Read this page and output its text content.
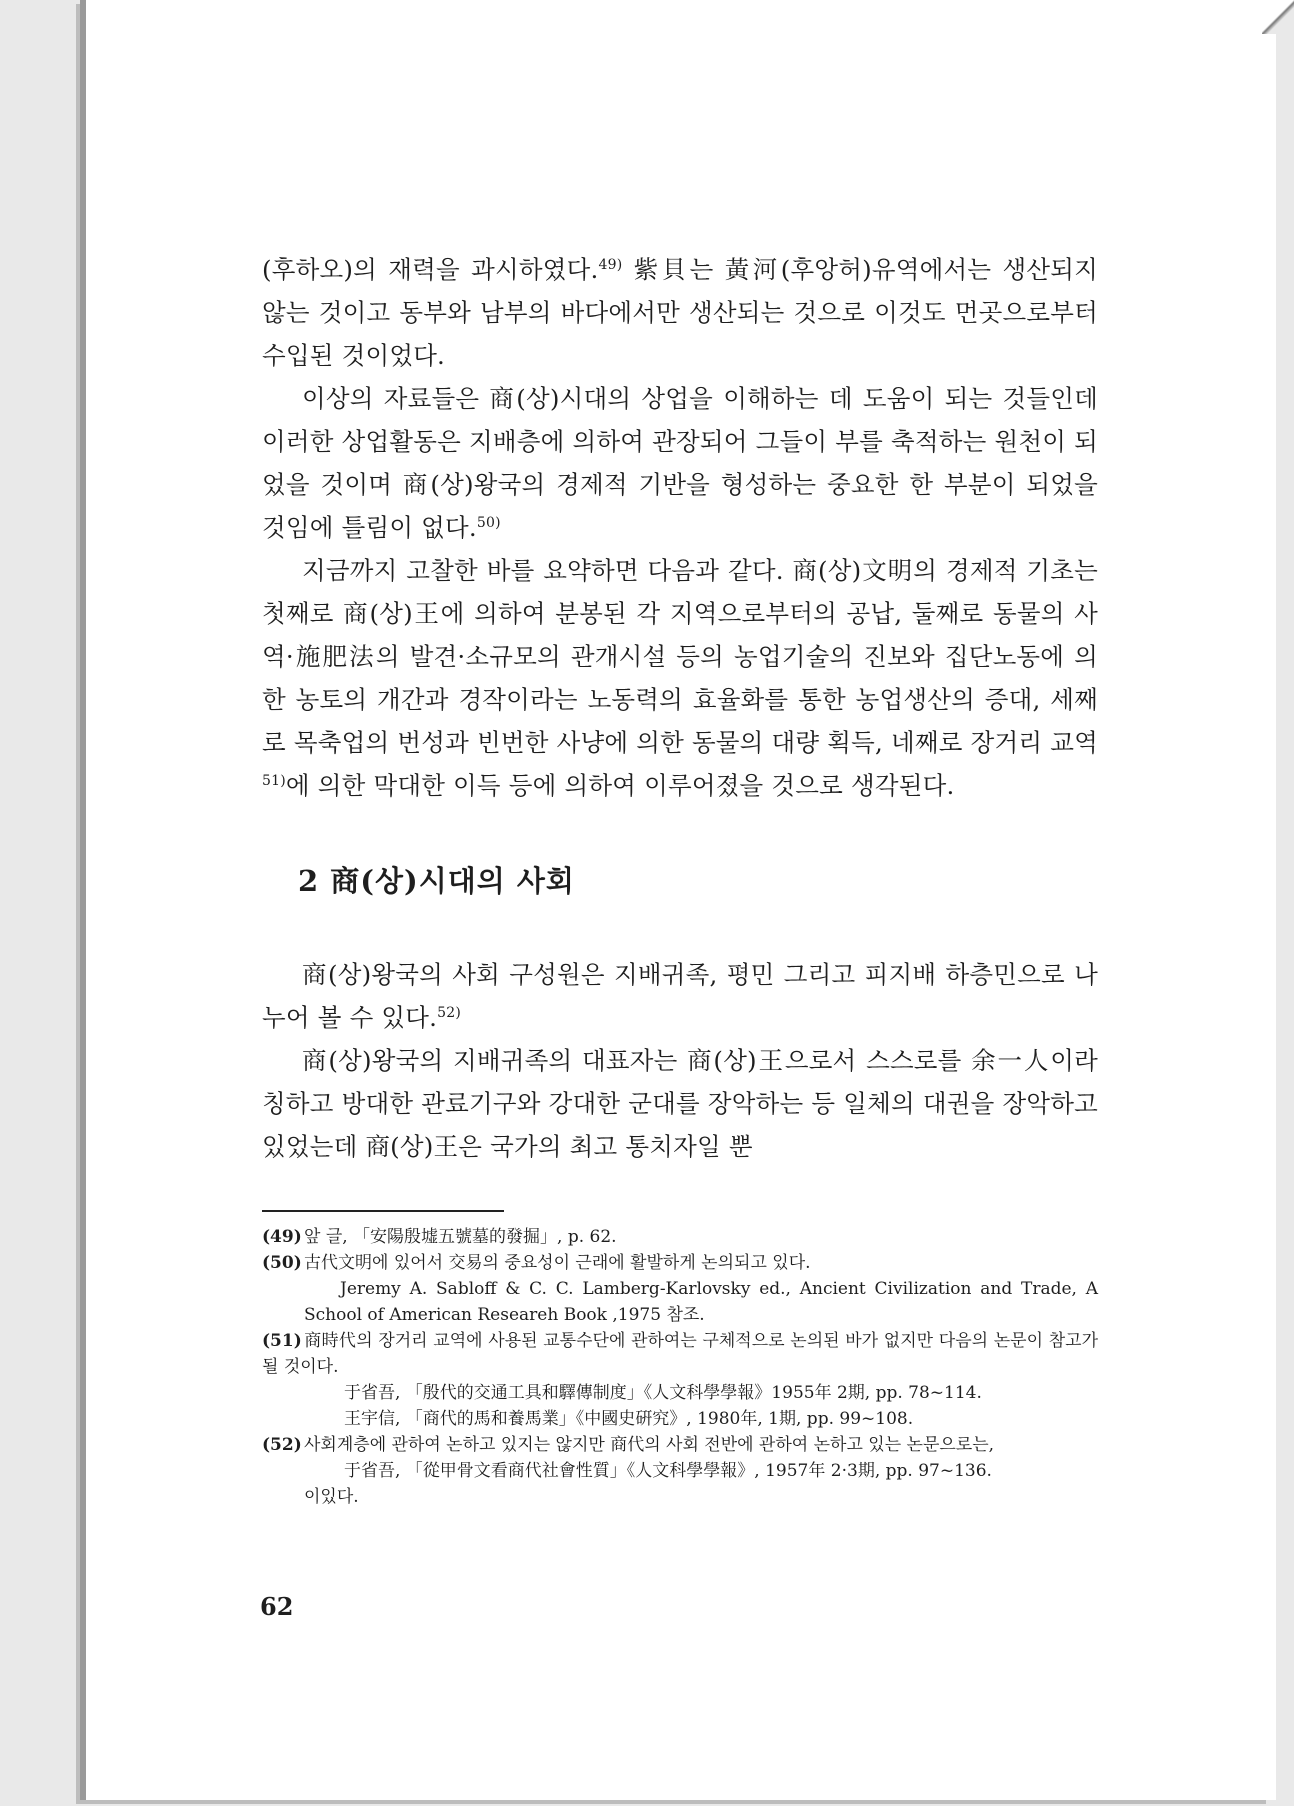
(후하오)의 재력을 과시하였다.$^{49)}$ 紫貝는 黃河(후앙허)유역에서는 생산되지 않는 것이고 동부와 남부의 바다에서만 생산되는 것으로 이것도 먼곳으로부터 수입된 것이었다.

이상의 자료들은 商(상)시대의 상업을 이해하는 데 도움이 되는 것들인데 이러한 상업활동은 지배층에 의하여 관장되어 그들이 부를 축적하는 원천이 되었을 것이며 商(상)왕국의 경제적 기반을 형성하는 중요한 한 부분이 되었을 것임에 틀림이 없다.$^{50)}$

지금까지 고찰한 바를 요약하면 다음과 같다. 商(상)文明의 경제적 기초는 첫째로 商(상)王에 의하여 분봉된 각 지역으로부터의 공납, 둘째로 동물의 사역·施肥法의 발견·소규모의 관개시설 등의 농업기술의 진보와 집단노동에 의한 농토의 개간과 경작이라는 노동력의 효율화를 통한 농업생산의 증대, 세째로 목축업의 번성과 빈번한 사냥에 의한 동물의 대량 획득, 네째로 장거리 교역$^{51)}$에 의한 막대한 이득 등에 의하여 이루어졌을 것으로 생각된다.

2 商(상)시대의 사회

商(상)왕국의 사회 구성원은 지배귀족, 평민 그리고 피지배 하층민으로 나누어 볼 수 있다.$^{52)}$

商(상)왕국의 지배귀족의 대표자는 商(상)王으로서 스스로를 余一人이라 칭하고 방대한 관료기구와 강대한 군대를 장악하는 등 일체의 대권을 장악하고 있었는데 商(상)王은 국가의 최고 통치자일 뿐

(49) 앞 글, 「安陽殷墟五號墓的發掘」, p. 62.

(50) 古代文明에 있어서 交易의 중요성이 근래에 활발하게 논의되고 있다.

Jeremy A. Sabloff & C. C. Lamberg-Karlovsky ed., Ancient Civilization and Trade, A School of American Researeh Book ,1975 참조.

(51) 商時代의 장거리 교역에 사용된 교통수단에 관하여는 구체적으로 논의된 바가 없지만 다음의 논문이 참고가 될 것이다.

于省吾, 「殷代的交通工具和驛傳制度」《人文科學學報》1955年 2期, pp. 78~114.

王宇信, 「商代的馬和養馬業」《中國史硏究》, 1980年, 1期, pp. 99~108.

(52) 사회계층에 관하여 논하고 있지는 않지만 商代의 사회 전반에 관하여 논하고 있는 논문으로는,

于省吾, 「從甲骨文看商代社會性質」《人文科學學報》, 1957年 2·3期, pp. 97~136.

이있다.

62
